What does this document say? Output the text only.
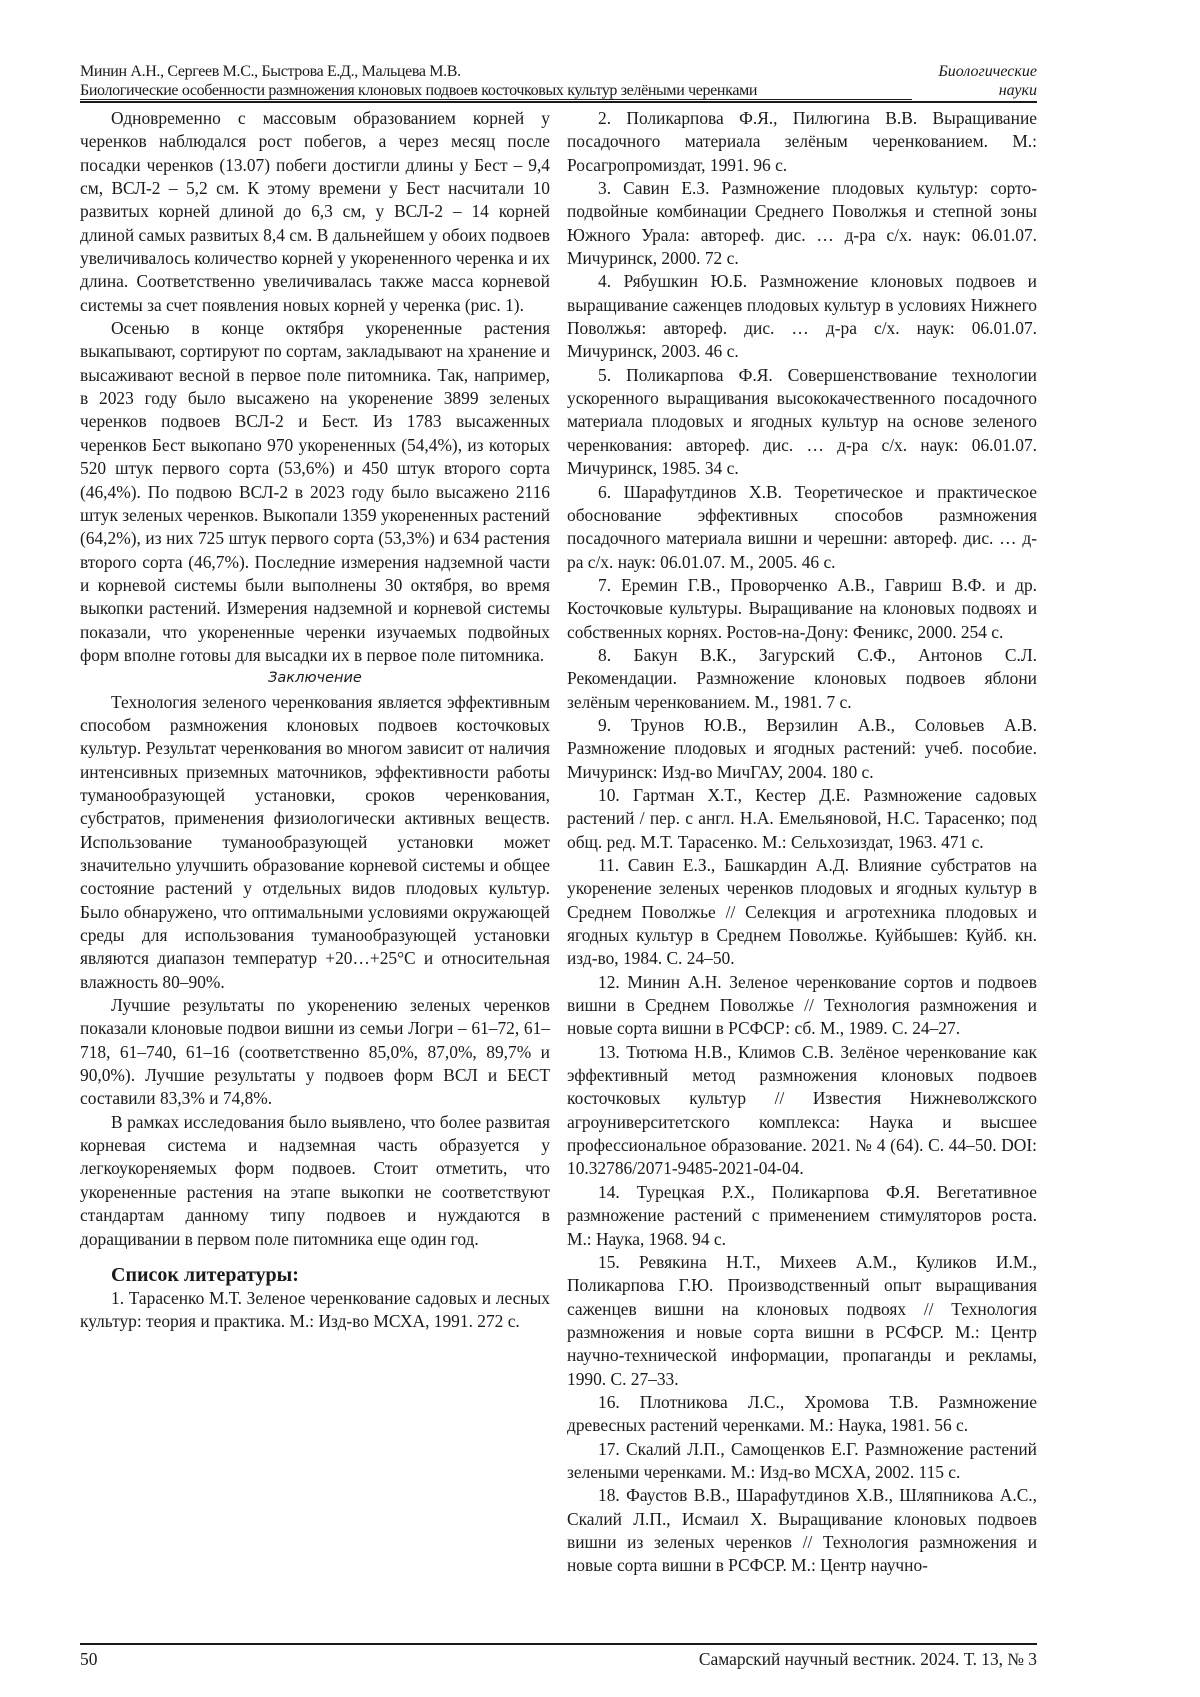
Минин А.Н., Сергеев М.С., Быстрова Е.Д., Мальцева М.В.
Биологические особенности размножения клоновых подвоев косточковых культур зелёными черенками
Биологические
науки

Одновременно с массовым образованием корней у черенков наблюдался рост побегов, а через месяц после посадки черенков (13.07) побеги достигли длины у Бест – 9,4 см, ВСЛ-2 – 5,2 см. К этому времени у Бест насчитали 10 развитых корней длиной до 6,3 см, у ВСЛ-2 – 14 корней длиной самых развитых 8,4 см. В дальнейшем у обоих подвоев увеличивалось количество корней у укорененного черенка и их длина. Соответственно увеличивалась также масса корневой системы за счет появления новых корней у черенка (рис. 1).

Осенью в конце октября укорененные растения выкапывают, сортируют по сортам, закладывают на хранение и высаживают весной в первое поле питомника. Так, например, в 2023 году было высажено на укоренение 3899 зеленых черенков подвоев ВСЛ-2 и Бест. Из 1783 высаженных черенков Бест выкопано 970 укорененных (54,4%), из которых 520 штук первого сорта (53,6%) и 450 штук второго сорта (46,4%). По подвою ВСЛ-2 в 2023 году было высажено 2116 штук зеленых черенков. Выкопали 1359 укорененных растений (64,2%), из них 725 штук первого сорта (53,3%) и 634 растения второго сорта (46,7%). Последние измерения надземной части и корневой системы были выполнены 30 октября, во время выкопки растений. Измерения надземной и корневой системы показали, что укорененные черенки изучаемых подвойных форм вполне готовы для высадки их в первое поле питомника.

Заключение

Технология зеленого черенкования является эффективным способом размножения клоновых подвоев косточковых культур. Результат черенкования во многом зависит от наличия интенсивных приземных маточников, эффективности работы туманообразующей установки, сроков черенкования, субстратов, применения физиологически активных веществ. Использование туманообразующей установки может значительно улучшить образование корневой системы и общее состояние растений у отдельных видов плодовых культур. Было обнаружено, что оптимальными условиями окружающей среды для использования туманообразующей установки являются диапазон температур +20…+25°С и относительная влажность 80–90%.

Лучшие результаты по укоренению зеленых черенков показали клоновые подвои вишни из семьи Логри – 61–72, 61–718, 61–740, 61–16 (соответственно 85,0%, 87,0%, 89,7% и 90,0%). Лучшие результаты у подвоев форм ВСЛ и БЕСТ составили 83,3% и 74,8%.

В рамках исследования было выявлено, что более развитая корневая система и надземная часть образуется у легкоукореняемых форм подвоев. Стоит отметить, что укорененные растения на этапе выкопки не соответствуют стандартам данному типу подвоев и нуждаются в доращивании в первом поле питомника еще один год.

Список литературы:

1. Тарасенко М.Т. Зеленое черенкование садовых и лесных культур: теория и практика. М.: Изд-во МСХА, 1991. 272 с.

2. Поликарпова Ф.Я., Пилюгина В.В. Выращивание посадочного материала зелёным черенкованием. М.: Росагропромиздат, 1991. 96 с.

3. Савин Е.З. Размножение плодовых культур: сорто-подвойные комбинации Среднего Поволжья и степной зоны Южного Урала: автореф. дис. … д-ра с/х. наук: 06.01.07. Мичуринск, 2000. 72 с.

4. Рябушкин Ю.Б. Размножение клоновых подвоев и выращивание саженцев плодовых культур в условиях Нижнего Поволжья: автореф. дис. … д-ра с/х. наук: 06.01.07. Мичуринск, 2003. 46 с.

5. Поликарпова Ф.Я. Совершенствование технологии ускоренного выращивания высококачественного посадочного материала плодовых и ягодных культур на основе зеленого черенкования: автореф. дис. … д-ра с/х. наук: 06.01.07. Мичуринск, 1985. 34 с.

6. Шарафутдинов Х.В. Теоретическое и практическое обоснование эффективных способов размножения посадочного материала вишни и черешни: автореф. дис. … д-ра с/х. наук: 06.01.07. М., 2005. 46 с.

7. Еремин Г.В., Проворченко А.В., Гавриш В.Ф. и др. Косточковые культуры. Выращивание на клоновых подвоях и собственных корнях. Ростов-на-Дону: Феникс, 2000. 254 с.

8. Бакун В.К., Загурский С.Ф., Антонов С.Л. Рекомендации. Размножение клоновых подвоев яблони зелёным черенкованием. М., 1981. 7 с.

9. Трунов Ю.В., Верзилин А.В., Соловьев А.В. Размножение плодовых и ягодных растений: учеб. пособие. Мичуринск: Изд-во МичГАУ, 2004. 180 с.

10. Гартман Х.Т., Кестер Д.Е. Размножение садовых растений / пер. с англ. Н.А. Емельяновой, Н.С. Тарасенко; под общ. ред. М.Т. Тарасенко. М.: Сельхозиздат, 1963. 471 с.

11. Савин Е.З., Башкардин А.Д. Влияние субстратов на укоренение зеленых черенков плодовых и ягодных культур в Среднем Поволжье // Селекция и агротехника плодовых и ягодных культур в Среднем Поволжье. Куйбышев: Куйб. кн. изд-во, 1984. С. 24–50.

12. Минин А.Н. Зеленое черенкование сортов и подвоев вишни в Среднем Поволжье // Технология размножения и новые сорта вишни в РСФСР: сб. М., 1989. С. 24–27.

13. Тютюма Н.В., Климов С.В. Зелёное черенкование как эффективный метод размножения клоновых подвоев косточковых культур // Известия Нижневолжского агроуниверситетского комплекса: Наука и высшее профессиональное образование. 2021. № 4 (64). С. 44–50. DOI: 10.32786/2071-9485-2021-04-04.

14. Турецкая Р.Х., Поликарпова Ф.Я. Вегетативное размножение растений с применением стимуляторов роста. М.: Наука, 1968. 94 с.

15. Ревякина Н.Т., Михеев А.М., Куликов И.М., Поликарпова Г.Ю. Производственный опыт выращивания саженцев вишни на клоновых подвоях // Технология размножения и новые сорта вишни в РСФСР. М.: Центр научно-технической информации, пропаганды и рекламы, 1990. С. 27–33.

16. Плотникова Л.С., Хромова Т.В. Размножение древесных растений черенками. М.: Наука, 1981. 56 с.

17. Скалий Л.П., Самощенков Е.Г. Размножение растений зелеными черенками. М.: Изд-во МСХА, 2002. 115 с.

18. Фаустов В.В., Шарафутдинов Х.В., Шляпникова А.С., Скалий Л.П., Исмаил Х. Выращивание клоновых подвоев вишни из зеленых черенков // Технология размножения и новые сорта вишни в РСФСР. М.: Центр научно-

50	Самарский научный вестник. 2024. Т. 13, № 3
